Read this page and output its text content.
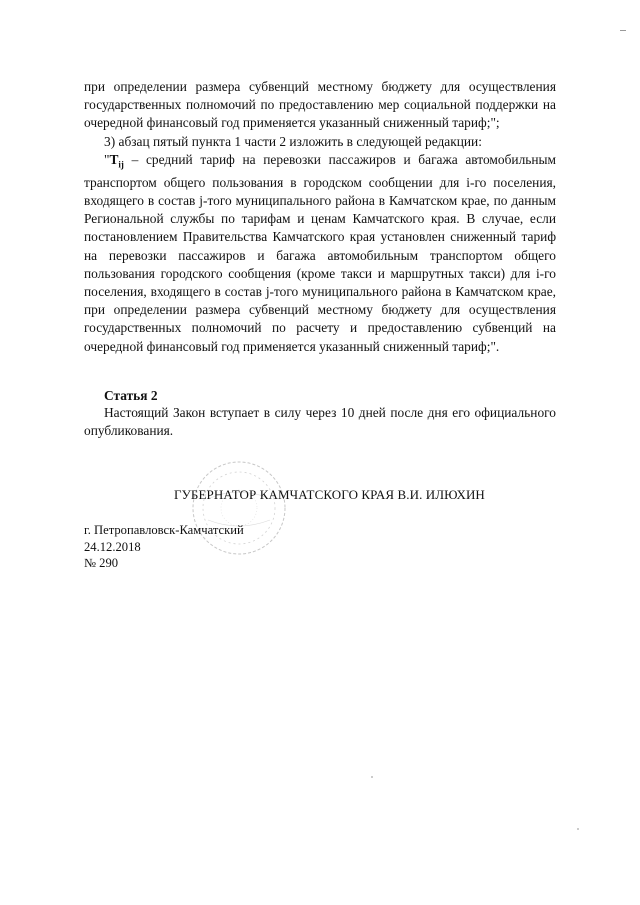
при определении размера субвенций местному бюджету для осуществления государственных полномочий по предоставлению мер социальной поддержки на очередной финансовый год применяется указанный сниженный тариф;";

3) абзац пятый пункта 1 части 2 изложить в следующей редакции:

"$T_{ij}$ – средний тариф на перевозки пассажиров и багажа автомобильным транспортом общего пользования в городском сообщении для i-го поселения, входящего в состав j-того муниципального района в Камчатском крае, по данным Региональной службы по тарифам и ценам Камчатского края. В случае, если постановлением Правительства Камчатского края установлен сниженный тариф на перевозки пассажиров и багажа автомобильным транспортом общего пользования городского сообщения (кроме такси и маршрутных такси) для i-го поселения, входящего в состав j-того муниципального района в Камчатском крае, при определении размера субвенций местному бюджету для осуществления государственных полномочий по расчету и предоставлению субвенций на очередной финансовый год применяется указанный сниженный тариф;".

Статья 2
Настоящий Закон вступает в силу через 10 дней после дня его официального опубликования.
ГУБЕРНАТОР КАМЧАТСКОГО КРАЯ В.И. ИЛЮХИН
г. Петропавловск-Камчатский
24.12.2018
№ 290
